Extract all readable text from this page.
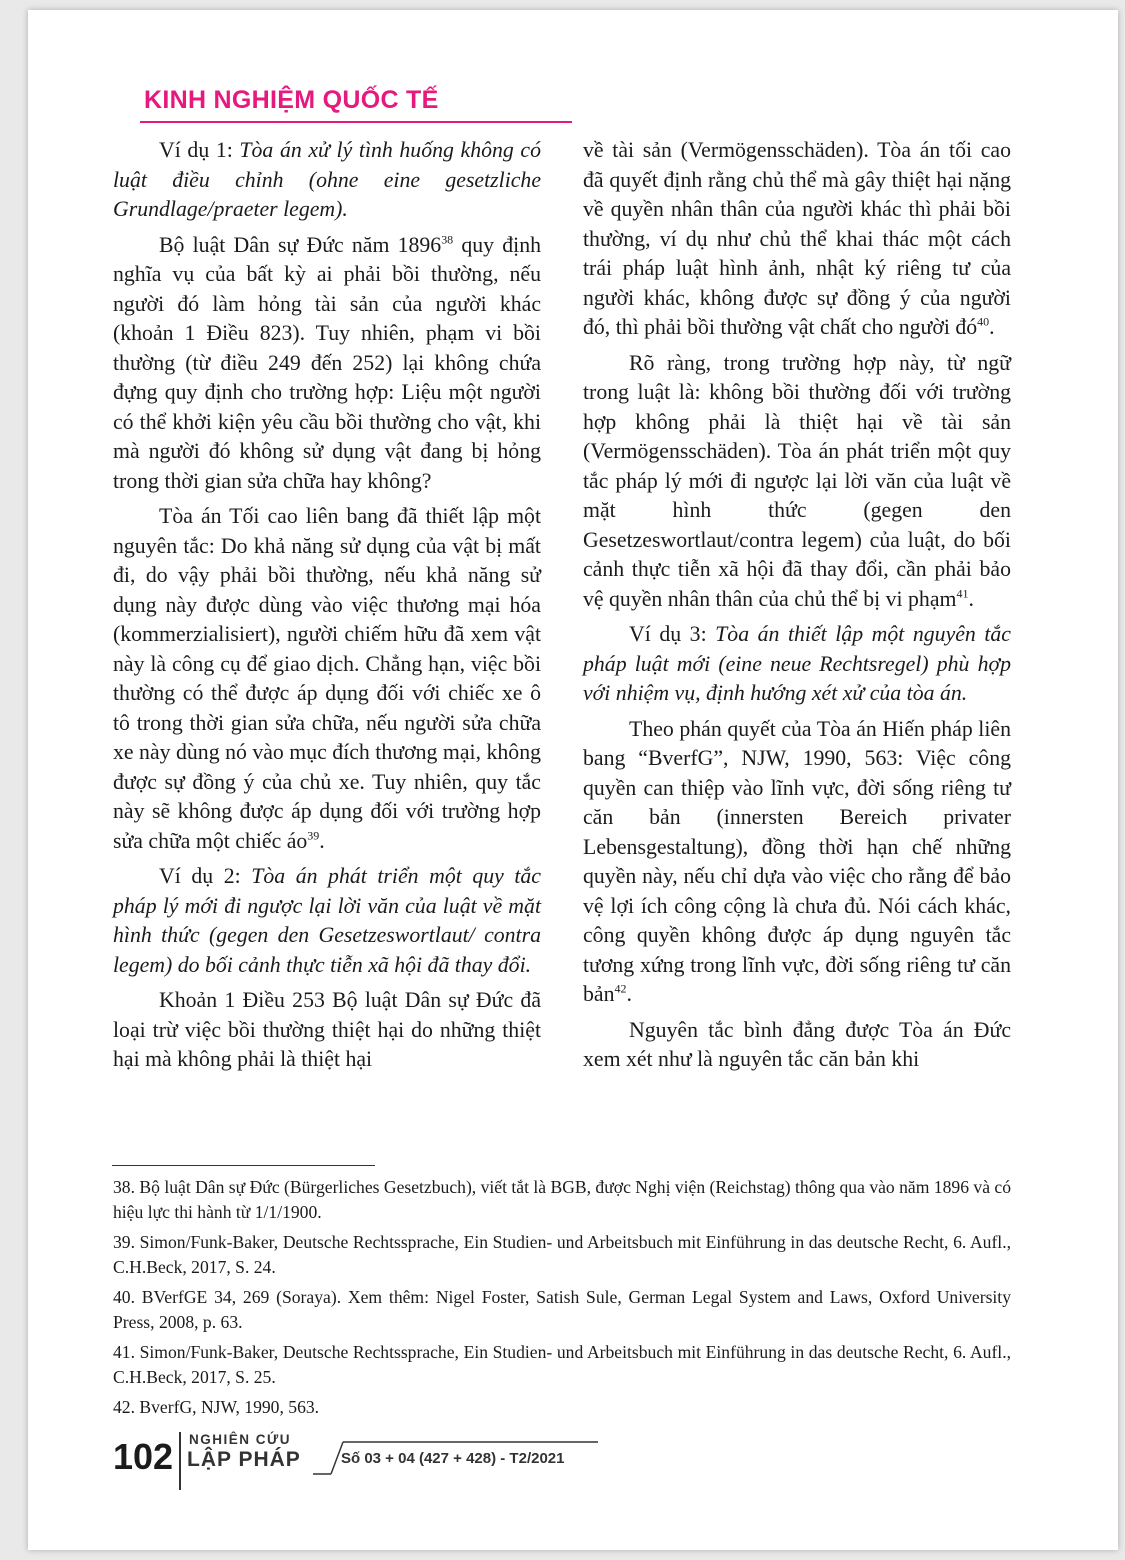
KINH NGHIỆM QUỐC TẾ

Ví dụ 1: Tòa án xử lý tình huống không có luật điều chỉnh (ohne eine gesetzliche Grundlage/praeter legem).

Bộ luật Dân sự Đức năm 1896$^{38}$ quy định nghĩa vụ của bất kỳ ai phải bồi thường, nếu người đó làm hỏng tài sản của người khác (khoản 1 Điều 823). Tuy nhiên, phạm vi bồi thường (từ điều 249 đến 252) lại không chứa đựng quy định cho trường hợp: Liệu một người có thể khởi kiện yêu cầu bồi thường cho vật, khi mà người đó không sử dụng vật đang bị hỏng trong thời gian sửa chữa hay không?

Tòa án Tối cao liên bang đã thiết lập một nguyên tắc: Do khả năng sử dụng của vật bị mất đi, do vậy phải bồi thường, nếu khả năng sử dụng này được dùng vào việc thương mại hóa (kommerzialisiert), người chiếm hữu đã xem vật này là công cụ để giao dịch. Chẳng hạn, việc bồi thường có thể được áp dụng đối với chiếc xe ô tô trong thời gian sửa chữa, nếu người sửa chữa xe này dùng nó vào mục đích thương mại, không được sự đồng ý của chủ xe. Tuy nhiên, quy tắc này sẽ không được áp dụng đối với trường hợp sửa chữa một chiếc $áo^{39}$.

Ví dụ 2: Tòa án phát triển một quy tắc pháp lý mới đi ngược lại lời văn của luật về mặt hình thức (gegen den Gesetzeswortlaut/ contra legem) do bối cảnh thực tiễn xã hội đã thay đổi.

Khoản 1 Điều 253 Bộ luật Dân sự Đức đã loại trừ việc bồi thường thiệt hại do những thiệt hại mà không phải là thiệt hại

về tài sản (Vermögensschäden). Tòa án tối cao đã quyết định rằng chủ thể mà gây thiệt hại nặng về quyền nhân thân của người khác thì phải bồi thường, ví dụ như chủ thể khai thác một cách trái pháp luật hình ảnh, nhật ký riêng tư của người khác, không được sự đồng ý của người đó, thì phải bồi thường vật chất cho người $đó^{40}$.

Rõ ràng, trong trường hợp này, từ ngữ trong luật là: không bồi thường đối với trường hợp không phải là thiệt hại về tài sản (Vermögensschäden). Tòa án phát triển một quy tắc pháp lý mới đi ngược lại lời văn của luật về mặt hình thức (gegen den Gesetzeswortlaut/contra legem) của luật, do bối cảnh thực tiễn xã hội đã thay đổi, cần phải bảo vệ quyền nhân thân của chủ thể bị vi phạm$^{41}$.

Ví dụ 3: Tòa án thiết lập một nguyên tắc pháp luật mới (eine neue Rechtsregel) phù hợp với nhiệm vụ, định hướng xét xử của tòa án.

Theo phán quyết của Tòa án Hiến pháp liên bang “BverfG”, NJW, 1990, 563: Việc công quyền can thiệp vào lĩnh vực, đời sống riêng tư căn bản (innersten Bereich privater Lebensgestaltung), đồng thời hạn chế những quyền này, nếu chỉ dựa vào việc cho rằng để bảo vệ lợi ích công cộng là chưa đủ. Nói cách khác, công quyền không được áp dụng nguyên tắc tương xứng trong lĩnh vực, đời sống riêng tư căn bản$^{42}$.

Nguyên tắc bình đẳng được Tòa án Đức xem xét như là nguyên tắc căn bản khi

38. Bộ luật Dân sự Đức (Bürgerliches Gesetzbuch), viết tắt là BGB, được Nghị viện (Reichstag) thông qua vào năm 1896 và có hiệu lực thi hành từ 1/1/1900.

39. Simon/Funk-Baker, Deutsche Rechtssprache, Ein Studien- und Arbeitsbuch mit Einführung in das deutsche Recht, 6. Aufl., C.H.Beck, 2017, S. 24.

40. BVerfGE 34, 269 (Soraya). Xem thêm: Nigel Foster, Satish Sule, German Legal System and Laws, Oxford University Press, 2008, p. 63.

41. Simon/Funk-Baker, Deutsche Rechtssprache, Ein Studien- und Arbeitsbuch mit Einführung in das deutsche Recht, 6. Aufl., C.H.Beck, 2017, S. 25.

42. BverfG, NJW, 1990, 563.

102 NGHIÊN CỨU
LẬP PHÁP	Số 03 + 04 (427 + 428) - T2/2021
